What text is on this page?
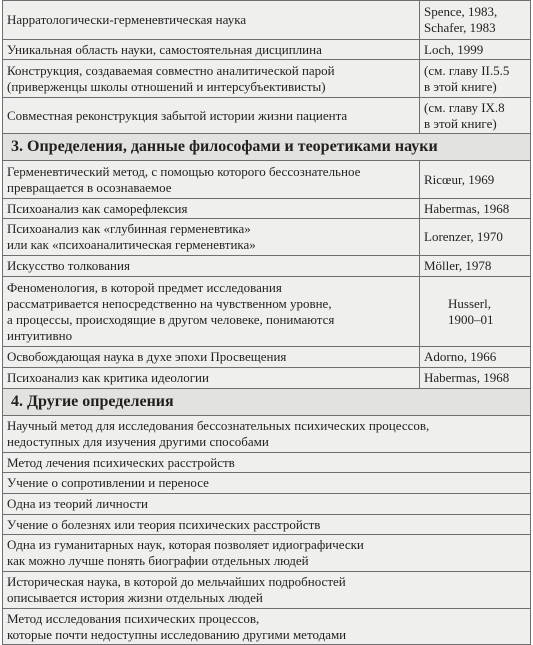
Нарратологически-герменевтическая наука	Spence, 1983,
Schafer, 1983
Уникальная область науки, самостоятельная дисциплина	Loch, 1999
Конструкция, создаваемая совместно аналитической парой
(приверженцы школы отношений и интерсубъективисты)	(см. главу II.5.5
в этой книге)
Совместная реконструкция забытой истории жизни пациента	(см. главу IX.8
в этой книге)
3. Определения, данные философами и теоретиками науки	
Герменевтический метод, с помощью которого бессознательное
превращается в осознаваемое	Ricœur, 1969
Психоанализ как саморефлексия	Habermas, 1968
Психоанализ как «глубинная герменевтика»
или как «психоаналитическая герменевтика»	Lorenzer, 1970
Искусство толкования	Möller, 1978
Феноменология, в которой предмет исследования
рассматривается непосредственно на чувственном уровне,
а процессы, происходящие в другом человеке, понимаются
интуитивно	Husserl,
1900–01
Освобождающая наука в духе эпохи Просвещения	Adorno, 1966
Психоанализ как критика идеологии	Habermas, 1968
4. Другие определения	
Научный метод для исследования бессознательных психических процессов,
недоступных для изучения другими способами	
Метод лечения психических расстройств	
Учение о сопротивлении и переносе	
Одна из теорий личности	
Учение о болезнях или теория психических расстройств	
Одна из гуманитарных наук, которая позволяет идиографически
как можно лучше понять биографии отдельных людей	
Историческая наука, в которой до мельчайших подробностей
описывается история жизни отдельных людей	
Метод исследования психических процессов,
которые почти недоступны исследованию другими методами	
